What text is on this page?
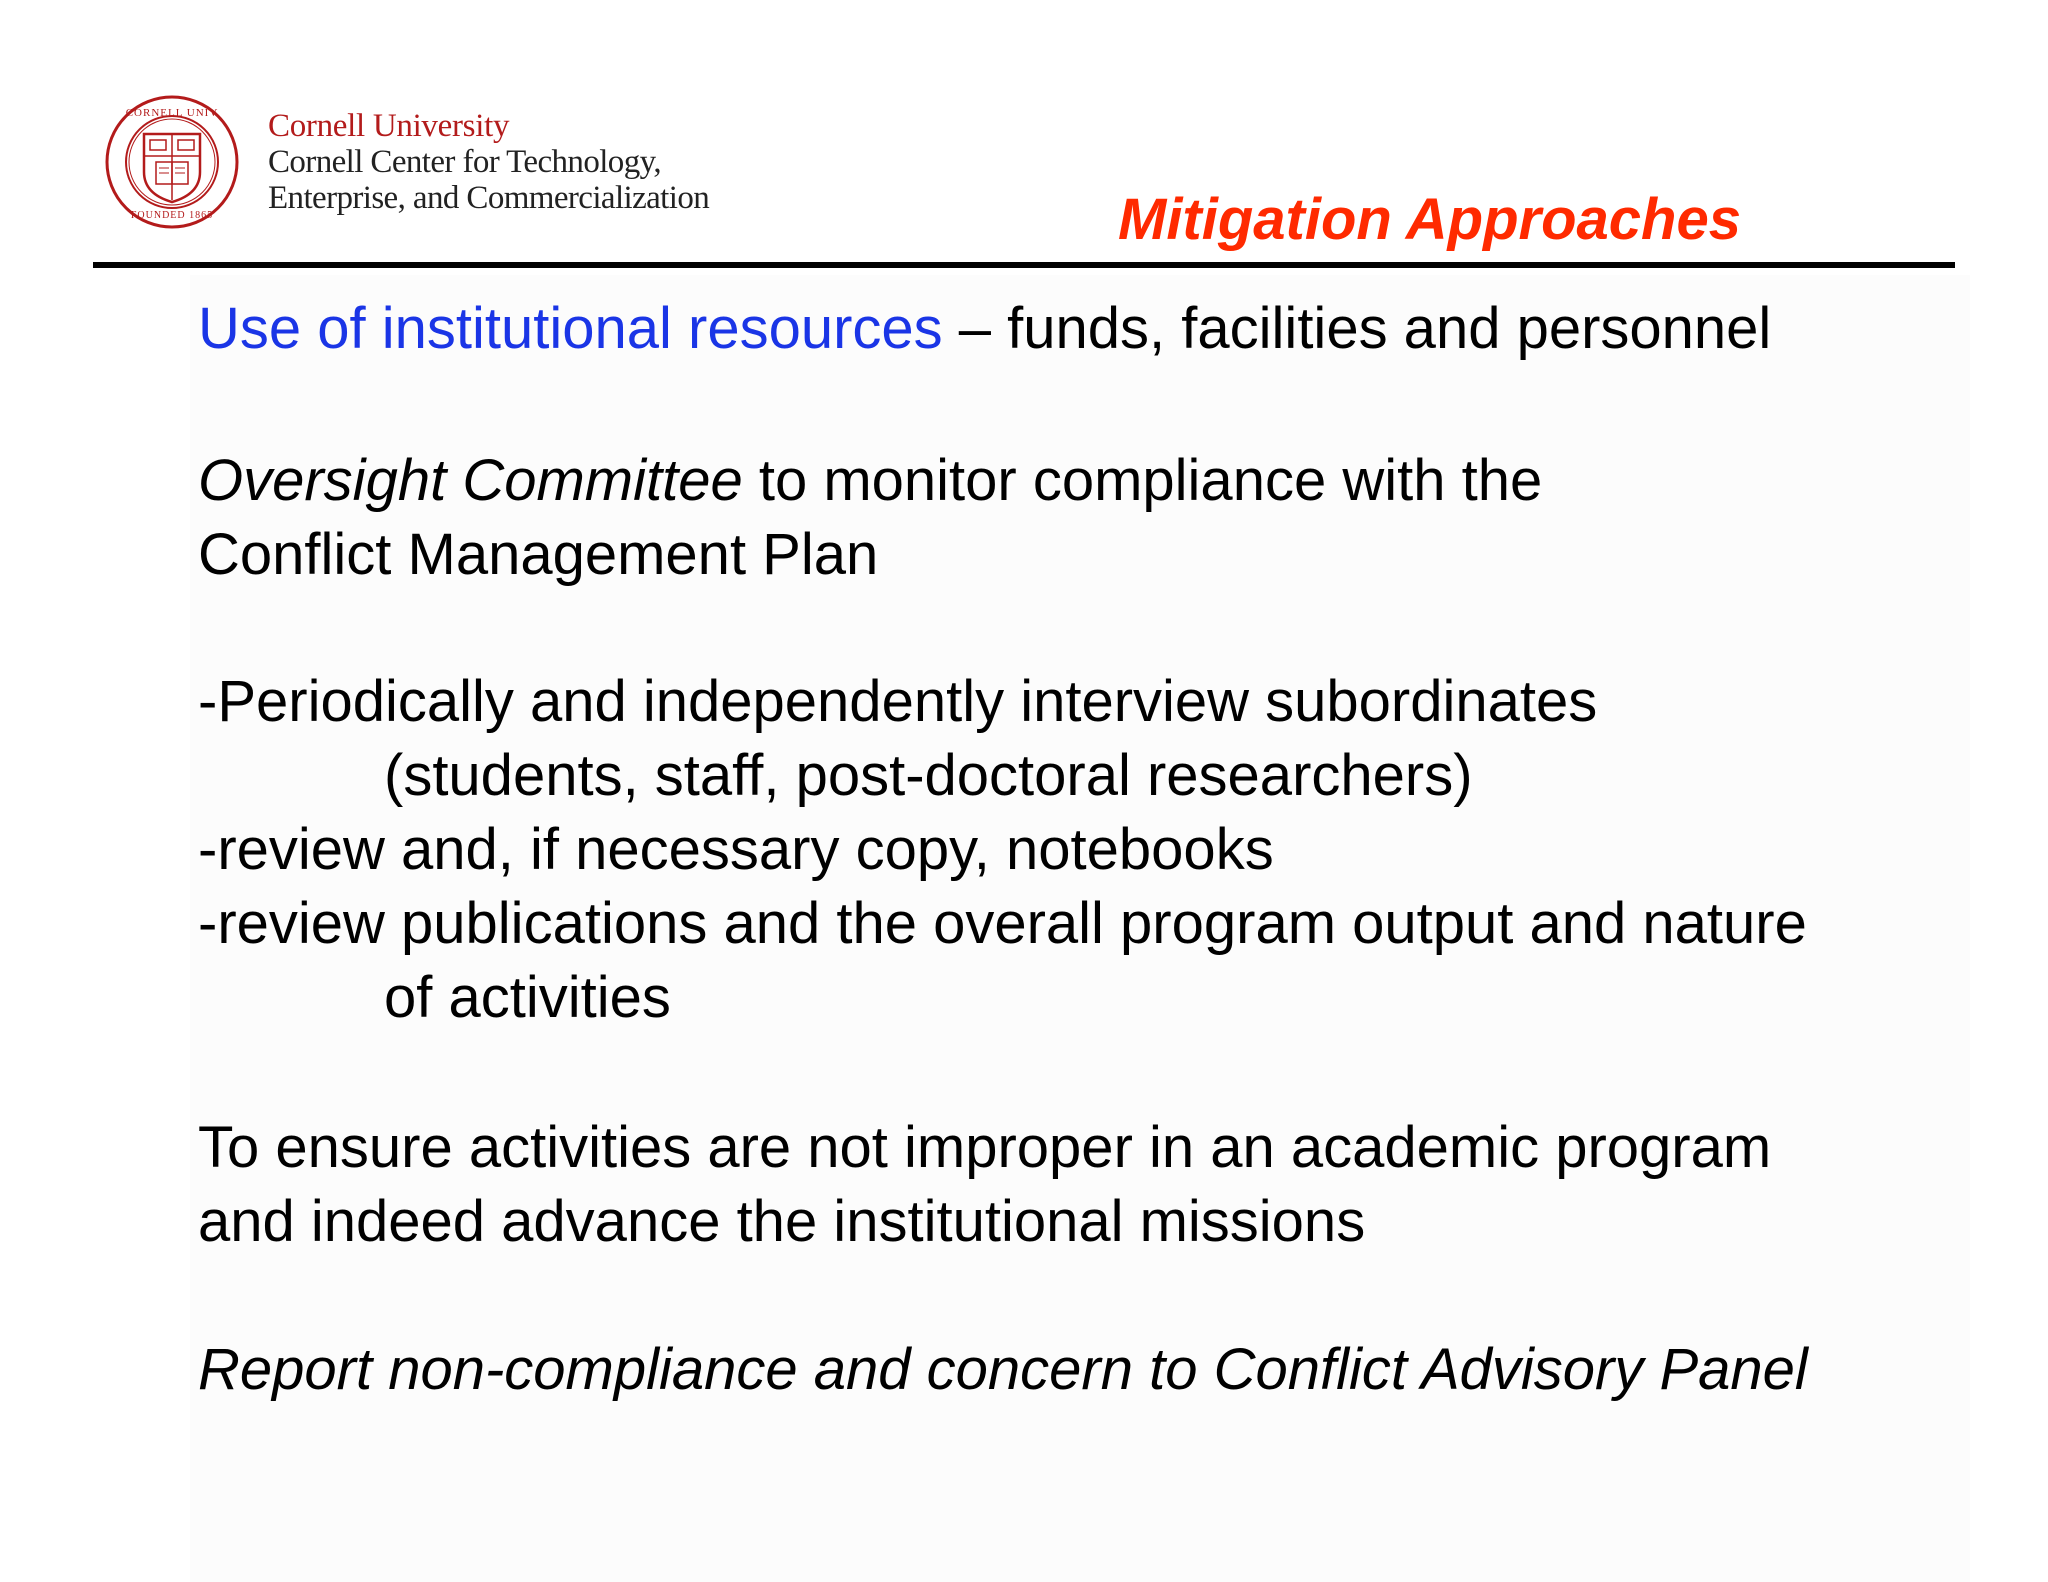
CORNELL UNIV
FOUNDED 1865
Cornell University
Cornell Center for Technology,
Enterprise, and Commercialization	Mitigation Approaches
Use of institutional resources – funds, facilities and personnel
Oversight Committee to monitor compliance with the
Conflict Management Plan
-Periodically and independently interview subordinates
(students, staff, post-doctoral researchers)
-review and, if necessary copy, notebooks
-review publications and the overall program output and nature
of activities
To ensure activities are not improper in an academic program
and indeed advance the institutional missions
Report non-compliance and concern to Conflict Advisory Panel
